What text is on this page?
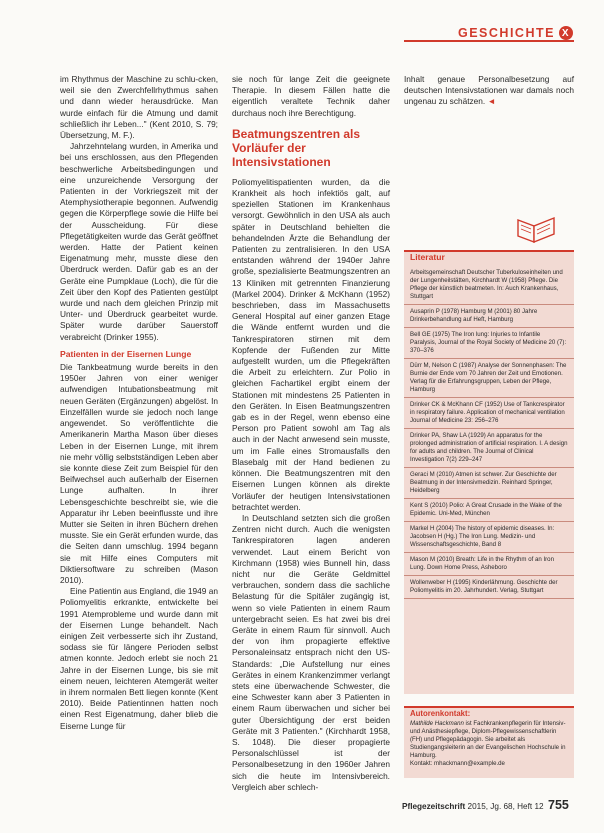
GESCHICHTE X

im Rhythmus der Maschine zu schlu-cken, weil sie den Zwerchfellrhythmus sahen und dann wieder herausdrücke. Man wurde einfach für die Atmung und damit schließlich ihr Leben..." (Kent 2010, S. 79; Übersetzung, M. F.).

Jahrzehntelang wurden, in Amerika und bei uns erschlossen, aus den Pflegenden beschwerliche Arbeitsbedingungen und eine unzureichende Versorgung der Patienten in der Vorkriegszeit mit der Atemphysiotherapie begonnen. Aufwendig gegen die Körperpflege sowie die Hilfe bei der Ausscheidung. Für diese Pflegetätigkeiten wurde das Gerät geöffnet werden. Hatte der Patient keinen Eigenatmung mehr, musste diese den Überdruck werden. Dafür gab es an der Geräte eine Pumpklaue (Loch), die für die Zeit über den Kopf des Patienten gestülpt wurde und nach dem gleichen Prinzip mit Unter- und Überdruck gearbeitet wurde. Später wurde darüber Sauerstoff verabreicht (Drinker 1955).

Patienten in der Eisernen Lunge

Die Tankbeatmung wurde bereits in den 1950er Jahren von einer weniger aufwendigen Intubationsbeatmung mit neuen Geräten (Ergänzungen) abgelöst. In Einzelfällen wurde sie jedoch noch lange angewendet. So veröffentlichte die Amerikanerin Martha Mason über dieses Leben in der Eisernen Lunge, mit ihrem nie mehr völlig selbstständigen Leben aber sie konnte diese Zeit zum Beispiel für den Beifwechsel auch außerhalb der Eisernen Lunge aufhalten. In ihrer Lebensgeschichte beschreibt sie, wie die Apparatur ihr Leben beeinflusste und ihre Mutter sie Seiten in ihren Büchern drehen musste. Sie ein Gerät erfunden wurde, das die Seiten dann umschlug. 1994 begann sie mit Hilfe eines Computers mit Diktiersoftware zu schreiben (Mason 2010).

Eine Patientin aus England, die 1949 an Poliomyelitis erkrankte, entwickelte bei 1991 Atemprobleme und wurde dann mit der Eisernen Lunge behandelt. Nach einigen Zeit verbesserte sich ihr Zustand, sodass sie für längere Perioden selbst atmen konnte. Jedoch erlebt sie noch 21 Jahre in der Eisernen Lunge, bis sie mit einem neuen, leichteren Atemgerät weiter in ihrem normalen Bett liegen konnte (Kent 2010). Beide Patientinnen hatten noch einen Rest Eigenatmung, daher blieb die Eiserne Lunge für

sie noch für lange Zeit die geeignete Therapie. In diesem Fällen hatte die eigentlich veraltete Technik daher durchaus noch ihre Berechtigung.

Beatmungszentren als Vorläufer der Intensivstationen

Poliomyelitispatienten wurden, da die Krankheit als hoch infektiös galt, auf speziellen Stationen im Krankenhaus versorgt. Gewöhnlich in den USA als auch später in Deutschland behielten die behandelnden Ärzte die Behandlung der Patienten zu zentralisieren. In den USA entstanden während der 1940er Jahre große, spezialisierte Beatmungszentren an 13 Kliniken mit getrennten Finanzierung (Markel 2004). Drinker & McKhann (1952) beschrieben, dass im Massachusetts General Hospital auf einer ganzen Etage die Wände entfernt wurden und die Tankrespiratoren stirnen mit dem Kopfende der Fußenden zur Mitte aufgestellt wurden, um die Pflegekräften die Arbeit zu erleichtern. Zur Polio in gleichen Fachartikel ergibt einem der Stationen mit mindestens 25 Patienten in den Geräten. In Eisen Beatmungszentren gab es in der Regel, wenn ebenso eine Person pro Patient sowohl am Tag als auch in der Nacht anwesend sein musste, um im Falle eines Stromausfalls den Blasebalg mit der Hand bedienen zu können. Die Beatmungszentren mit den Eisernen Lungen können als direkte Vorläufer der heutigen Intensivstationen betrachtet werden.

In Deutschland setzten sich die großen Zentren nicht durch. Auch die wenigsten Tankrespiratoren lagen anderen verwendet. Laut einem Bericht von Kirchmann (1958) wies Bunnell hin, dass nicht nur die Geräte Geldmittel verbrauchen, sondern dass die sachliche Belastung für die Spitäler zugängig ist, wenn so viele Patienten in einem Raum untergebracht seien. Es hat zwei bis drei Geräte in einem Raum für sinnvoll. Auch der von ihm propagierte effektive Personaleinsatz entsprach nicht den US-Standards: „Die Aufstellung nur eines Gerätes in einem Krankenzimmer verlangt stets eine überwachende Schwester, die eine Schwester kann aber 3 Patienten in einem Raum überwachen und sicher bei guter Übersichtigung der erst beiden Geräte mit 3 Patienten." (Kirchhardt 1958, S. 1048). Die dieser propagierte Personalschlüssel ist der Personalbesetzung in den 1960er Jahren sich die heute im Intensivbereich. Vergleich aber schlech-

Inhalt genaue Personalbesetzung auf deutschen Intensivstationen war damals noch ungenau zu schätzen. ◄

Literatur
Arbeitsgemeinschaft Deutscher Tuberkuloseinheiten und der Lungenheilstätten, Kirchhardt W (1958) Pflege. Die Pflege der künstlich beatmeten. In: Auch Krankenhaus, Stuttgart
Ausaprin P (1978) Hamburg M (2001) 80 Jahre Drinkerbehandlung auf Heft, Hamburg
Bell GE (1975) The Iron lung: Injuries to Infantile Paralysis, Journal of the Royal Society of Medicine 20 (7): 370–376
Dürr M, Nelson C (1987) Analyse der Sonnenphasen: The Burnie der Ende vom 70 Jahren der Zeit und Emotionen. Verlag für die Erfahrungsgruppen, Leben der Pflege, Hamburg
Drinker CK & McKhann CF (1952) Use of Tankcrespirator in respiratory failure. Application of mechanical ventilation Journal of Medicine 23: 256–276
Drinker PA, Shaw LA (1929) An apparatus for the prolonged administration of artificial respiration. I. A design for adults and children. The Journal of Clinical Investigation 7(2) 229–247
Geraci M (2010) Atmen ist schwer. Zur Geschichte der Beatmung in der Intensivmedizin. Reinhard Springer, Heidelberg
Kent S (2010) Polio: A Great Crusade in the Wake of the Epidemic. Uni-Med, München
Markel H (2004) The history of epidemic diseases. In: Jacobsen H (Hg.) The Iron Lung. Medizin- und Wissenschaftsgeschichte, Band 8
Mason M (2010) Breath: Life in the Rhythm of an Iron Lung. Down Home Press, Asheboro
Wollenweber H (1995) Kinderlähmung. Geschichte der Poliomyelitis im 20. Jahrhundert. Verlag, Stuttgart
Autorenkontakt:
Mathilde Hackmann ist Fachkrankenpflegerin für Intensiv- und Anästhesiepflege, Diplom-Pflegewissenschaftlerin (FH) und Pflegepädagogin. Sie arbeitet als Studiengangsleiterin an der Evangelischen Hochschule in Hamburg.
Kontakt: mhackmann@example.de
Pflegezeitschrift 2015, Jg. 68, Heft 12 755
